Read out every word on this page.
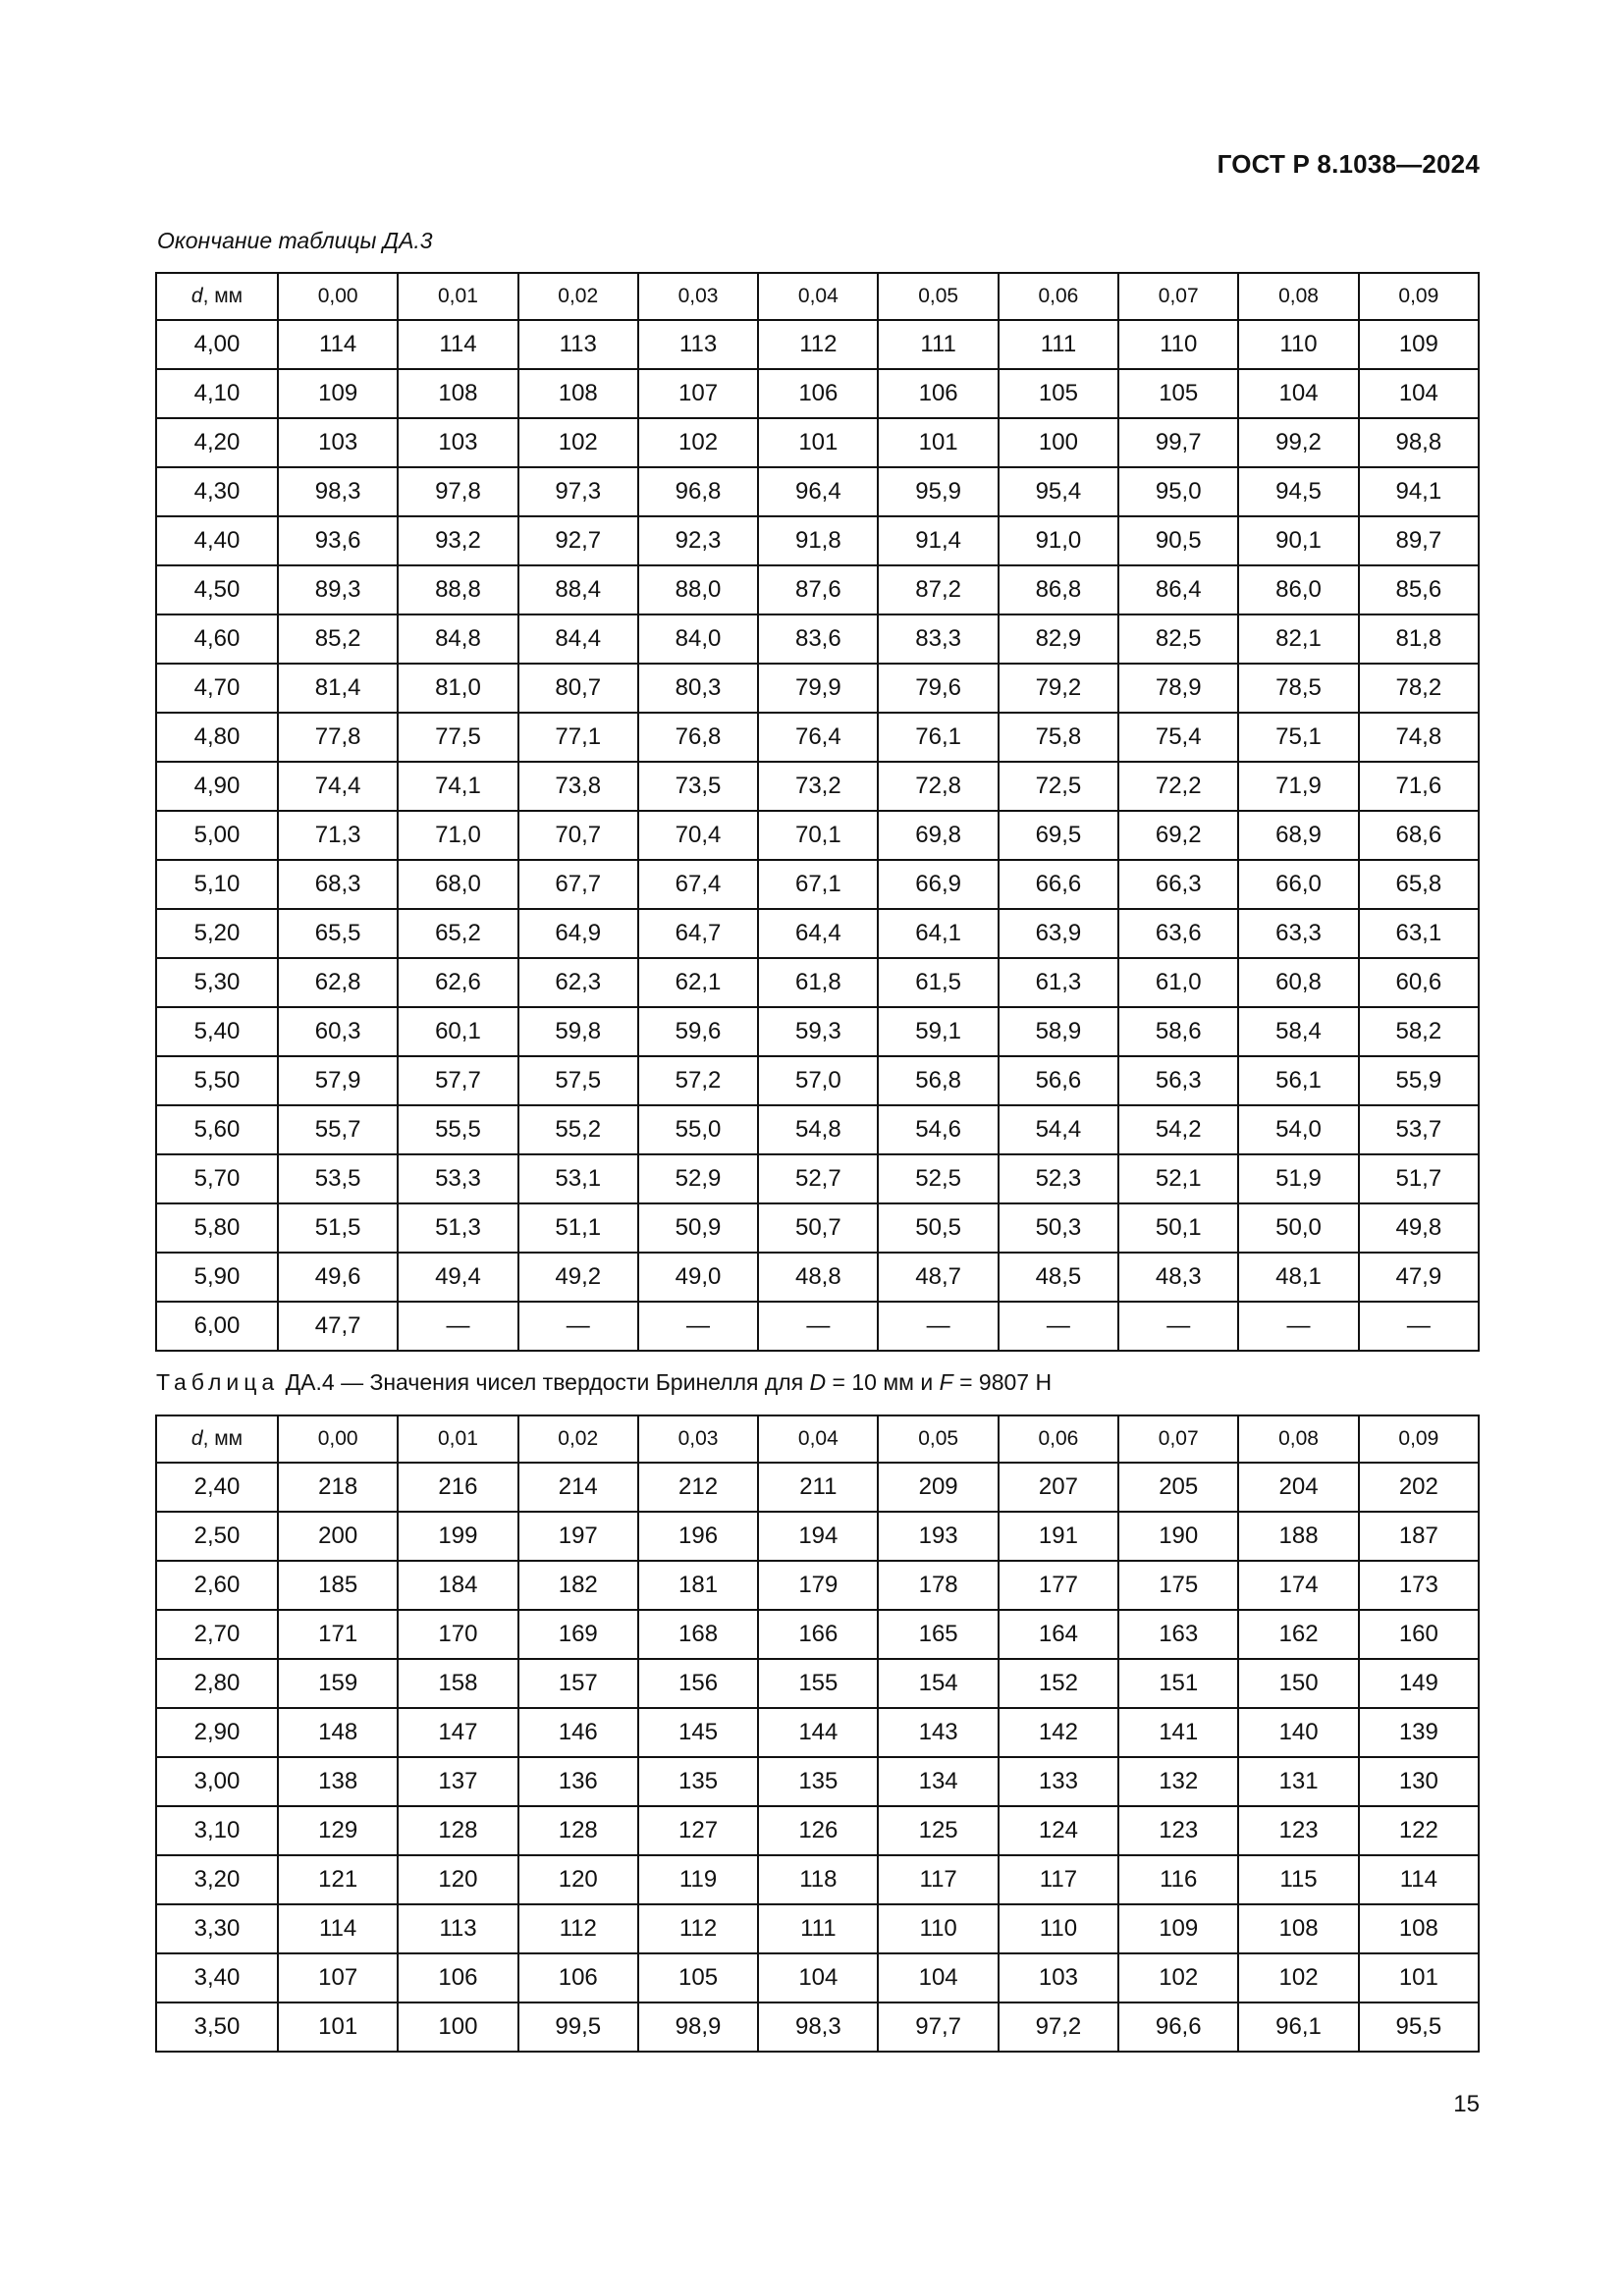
ГОСТ Р 8.1038—2024
Окончание таблицы ДА.3
d, мм	0,00	0,01	0,02	0,03	0,04	0,05	0,06	0,07	0,08	0,09
4,00	114	114	113	113	112	111	111	110	110	109
4,10	109	108	108	107	106	106	105	105	104	104
4,20	103	103	102	102	101	101	100	99,7	99,2	98,8
4,30	98,3	97,8	97,3	96,8	96,4	95,9	95,4	95,0	94,5	94,1
4,40	93,6	93,2	92,7	92,3	91,8	91,4	91,0	90,5	90,1	89,7
4,50	89,3	88,8	88,4	88,0	87,6	87,2	86,8	86,4	86,0	85,6
4,60	85,2	84,8	84,4	84,0	83,6	83,3	82,9	82,5	82,1	81,8
4,70	81,4	81,0	80,7	80,3	79,9	79,6	79,2	78,9	78,5	78,2
4,80	77,8	77,5	77,1	76,8	76,4	76,1	75,8	75,4	75,1	74,8
4,90	74,4	74,1	73,8	73,5	73,2	72,8	72,5	72,2	71,9	71,6
5,00	71,3	71,0	70,7	70,4	70,1	69,8	69,5	69,2	68,9	68,6
5,10	68,3	68,0	67,7	67,4	67,1	66,9	66,6	66,3	66,0	65,8
5,20	65,5	65,2	64,9	64,7	64,4	64,1	63,9	63,6	63,3	63,1
5,30	62,8	62,6	62,3	62,1	61,8	61,5	61,3	61,0	60,8	60,6
5,40	60,3	60,1	59,8	59,6	59,3	59,1	58,9	58,6	58,4	58,2
5,50	57,9	57,7	57,5	57,2	57,0	56,8	56,6	56,3	56,1	55,9
5,60	55,7	55,5	55,2	55,0	54,8	54,6	54,4	54,2	54,0	53,7
5,70	53,5	53,3	53,1	52,9	52,7	52,5	52,3	52,1	51,9	51,7
5,80	51,5	51,3	51,1	50,9	50,7	50,5	50,3	50,1	50,0	49,8
5,90	49,6	49,4	49,2	49,0	48,8	48,7	48,5	48,3	48,1	47,9
6,00	47,7	—	—	—	—	—	—	—	—	—
Таблица ДА.4 — Значения чисел твердости Бринелля для D = 10 мм и F = 9807 Н
d, мм	0,00	0,01	0,02	0,03	0,04	0,05	0,06	0,07	0,08	0,09
2,40	218	216	214	212	211	209	207	205	204	202
2,50	200	199	197	196	194	193	191	190	188	187
2,60	185	184	182	181	179	178	177	175	174	173
2,70	171	170	169	168	166	165	164	163	162	160
2,80	159	158	157	156	155	154	152	151	150	149
2,90	148	147	146	145	144	143	142	141	140	139
3,00	138	137	136	135	135	134	133	132	131	130
3,10	129	128	128	127	126	125	124	123	123	122
3,20	121	120	120	119	118	117	117	116	115	114
3,30	114	113	112	112	111	110	110	109	108	108
3,40	107	106	106	105	104	104	103	102	102	101
3,50	101	100	99,5	98,9	98,3	97,7	97,2	96,6	96,1	95,5
15
